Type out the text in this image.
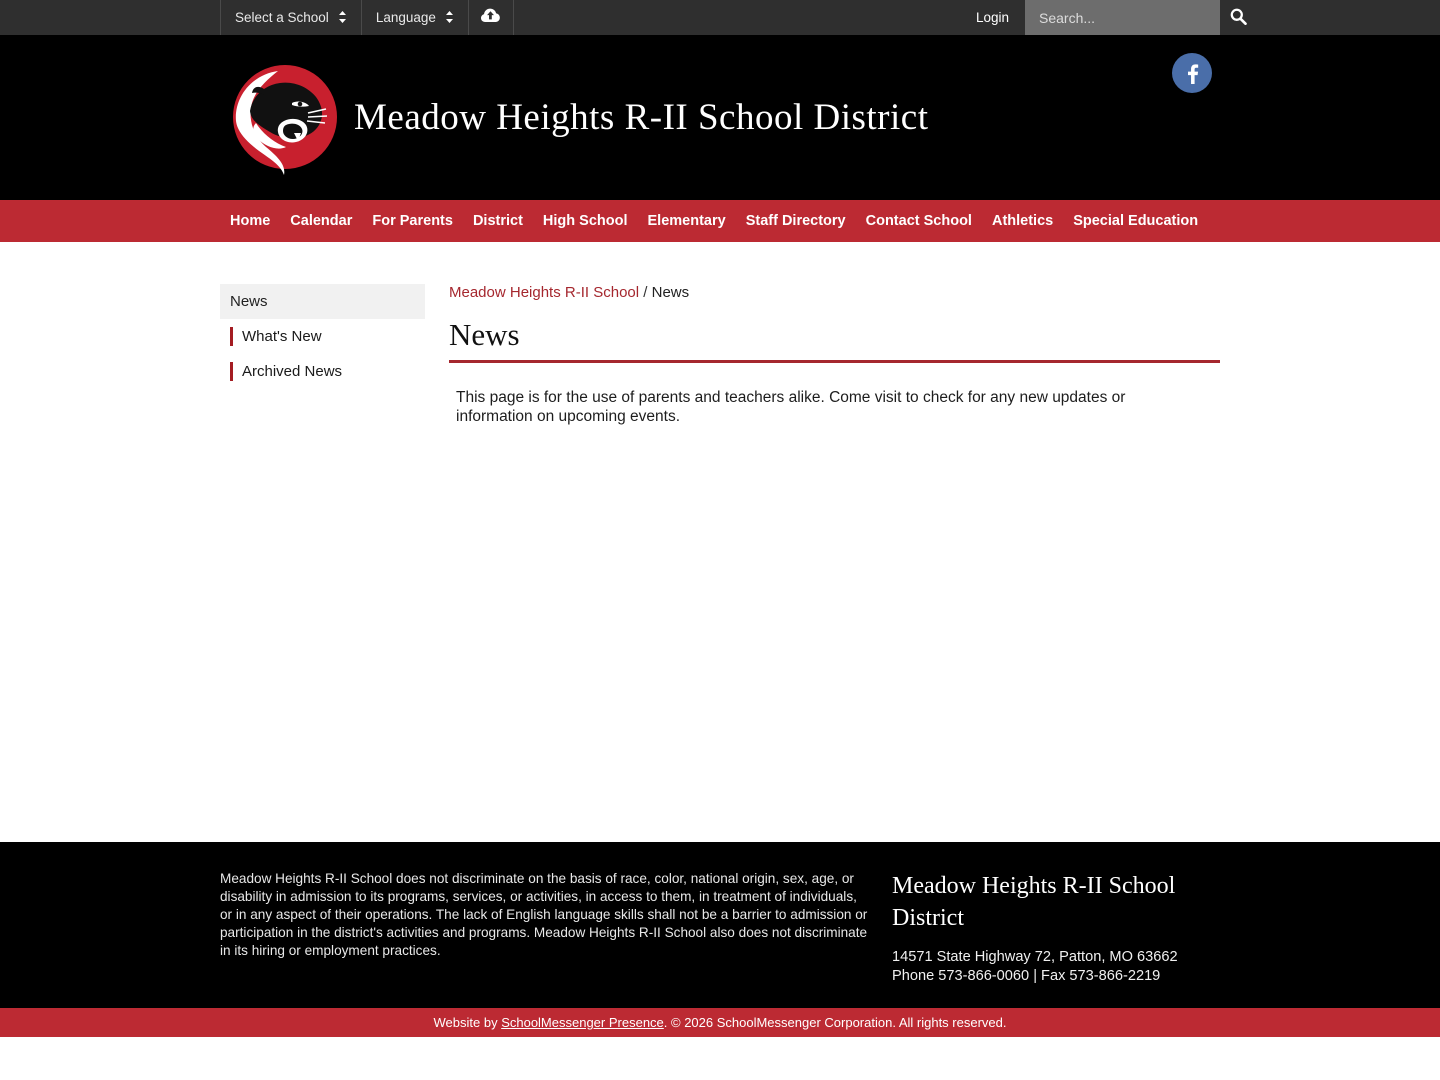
Select a School	Language	Login
Search...
Meadow Heights R-II School District
Home	Calendar	For Parents	District	High School	Elementary	Staff Directory	Contact School	Athletics	Special Education
News
What's New
Archived News
Meadow Heights R-II School / News
News
This page is for the use of parents and teachers alike. Come visit to check for any new updates or information on upcoming events.
Meadow Heights R-II School does not discriminate on the basis of race, color, national origin, sex, age, or disability in admission to its programs, services, or activities, in access to them, in treatment of individuals, or in any aspect of their operations. The lack of English language skills shall not be a barrier to admission or participation in the district's activities and programs. Meadow Heights R-II School also does not discriminate in its hiring or employment practices.
Meadow Heights R-II School District
14571 State Highway 72, Patton, MO 63662
Phone 573-866-0060 | Fax 573-866-2219
Website by SchoolMessenger Presence. © 2026 SchoolMessenger Corporation. All rights reserved.
